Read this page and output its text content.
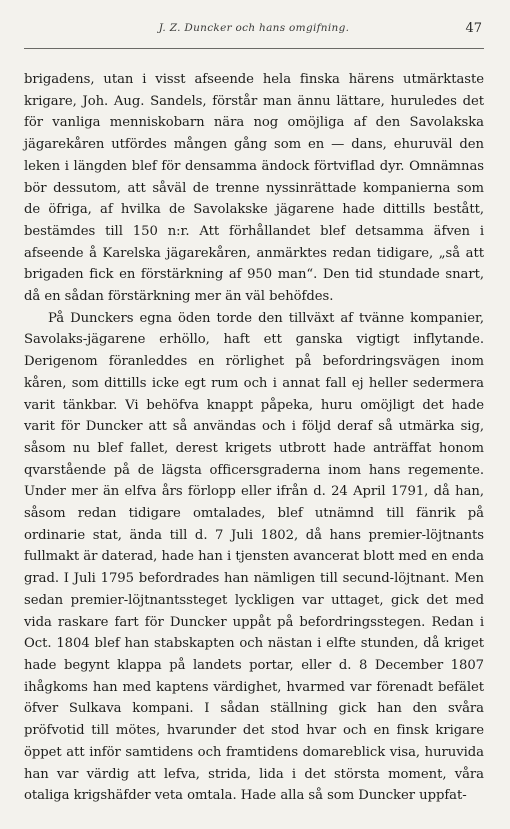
J. Z. Duncker och hans omgifning.	47

brigadens, utan i visst afseende hela finska härens utmärktaste krigare, Joh. Aug. Sandels, förstår man ännu lättare, huruledes det för vanliga menniskobarn nära nog omöjliga af den Savolakska jägarekåren utfördes mången gång som en — dans, ehuruväl den leken i längden blef för densamma ändock förtviflad dyr. Omnämnas bör dessutom, att såväl de trenne nyssinrättade kompanierna som de öfriga, af hvilka de Savolakske jägarene hade dittills bestått, bestämdes till 150 n:r. Att förhållandet blef detsamma äfven i afseende å Karelska jägarekåren, anmärktes redan tidigare, „så att brigaden fick en förstärkning af 950 man“. Den tid stundade snart, då en sådan förstärkning mer än väl behöfdes.

På Dunckers egna öden torde den tillväxt af tvänne kompanier, Savolaks-jägarene erhöllo, haft ett ganska vigtigt inflytande. Derigenom föranleddes en rörlighet på befordringsvägen inom kåren, som dittills icke egt rum och i annat fall ej heller sedermera varit tänkbar. Vi behöfva knappt påpeka, huru omöjligt det hade varit för Duncker att så användas och i följd deraf så utmärka sig, såsom nu blef fallet, derest krigets utbrott hade anträffat honom qvarstående på de lägsta officersgraderna inom hans regemente. Under mer än elfva års förlopp eller ifrån d. 24 April 1791, då han, såsom redan tidigare omtalades, blef utnämnd till fänrik på ordinarie stat, ända till d. 7 Juli 1802, då hans premier-löjtnants fullmakt är daterad, hade han i tjensten avancerat blott med en enda grad. I Juli 1795 befordrades han nämligen till secund-löjtnant. Men sedan premier-löjtnantssteget lyckligen var uttaget, gick det med vida raskare fart för Duncker uppåt på befordringsstegen. Redan i Oct. 1804 blef han stabskapten och nästan i elfte stunden, då kriget hade begynt klappa på landets portar, eller d. 8 December 1807 ihågkoms han med kaptens värdighet, hvarmed var förenadt befälet öfver Sulkava kompani. I sådan ställning gick han den svåra pröfvotid till mötes, hvarunder det stod hvar och en finsk krigare öppet att inför samtidens och framtidens domareblick visa, huruvida han var värdig att lefva, strida, lida i det största moment, våra otaliga krigshäfder veta omtala. Hade alla så som Duncker uppfat-
